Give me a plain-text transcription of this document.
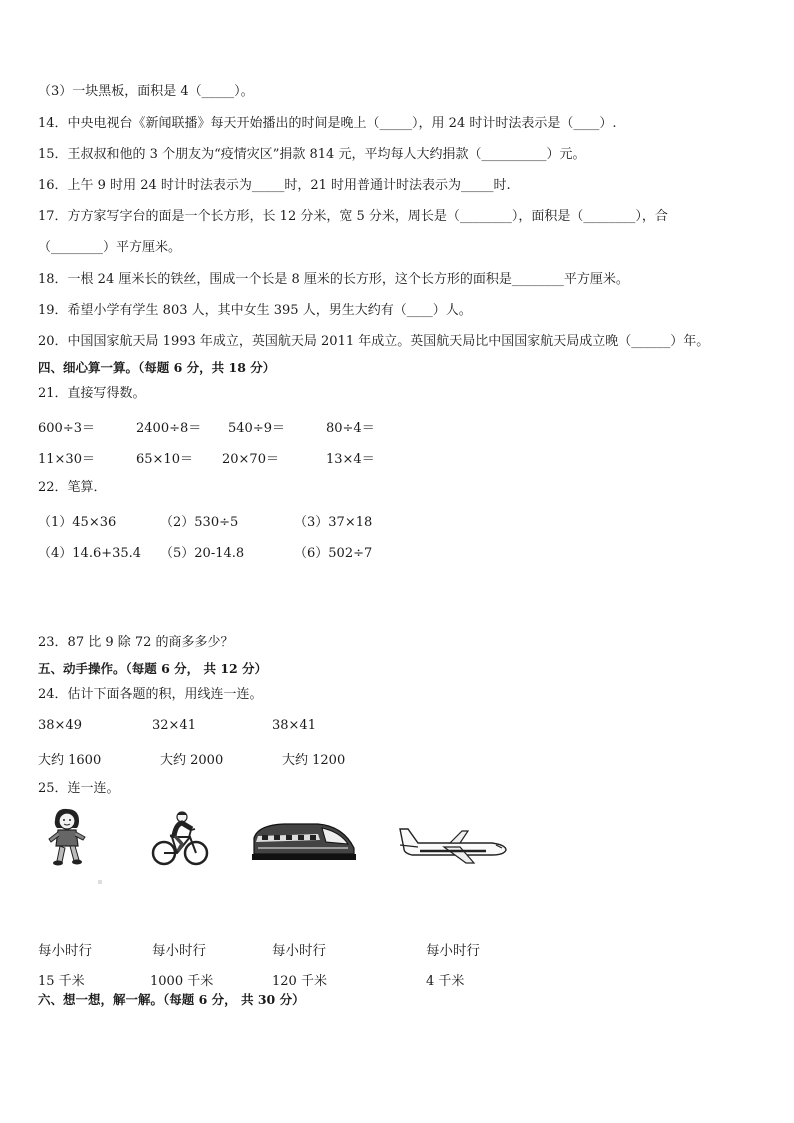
（3）一块黑板，面积是 4（_____）。
14．中央电视台《新闻联播》每天开始播出的时间是晚上（_____），用 24 时计时法表示是（____）.
15．王叔叔和他的 3 个朋友为“疫情灾区”捐款 814 元，平均每人大约捐款（__________）元。
16．上午 9 时用 24 时计时法表示为_____时，21 时用普通计时法表示为_____时.
17．方方家写字台的面是一个长方形，长 12 分米，宽 5 分米，周长是（________），面积是（________），合
（________）平方厘米。
18．一根 24 厘米长的铁丝，围成一个长是 8 厘米的长方形，这个长方形的面积是________平方厘米。
19．希望小学有学生 803 人，其中女生 395 人，男生大约有（____）人。
20．中国国家航天局 1993 年成立，英国航天局 2011 年成立。英国航天局比中国国家航天局成立晚（______）年。
四、细心算一算。（每题 6 分，共 18 分）
21．直接写得数。
600÷3＝	2400÷8＝ 540÷9＝	80÷4＝
11×30＝	65×10＝ 20×70＝	13×4＝
22．笔算．
（1）45×36	（2）530÷5	（3）37×18
（4）14.6+35.4 （5）20-14.8	（6）502÷7
23．87 比 9 除 72 的商多多少？
五、动手操作。（每题 6 分， 共 12 分）
24．估计下面各题的积，用线连一连。
38×49	32×41	38×41
大约 1600	大约 2000	大约 1200
25．连一连。
每小时行	每小时行	每小时行	每小时行
15 千米	1000 千米	120 千米	4 千米
六、想一想，解一解。（每题 6 分， 共 30 分）
